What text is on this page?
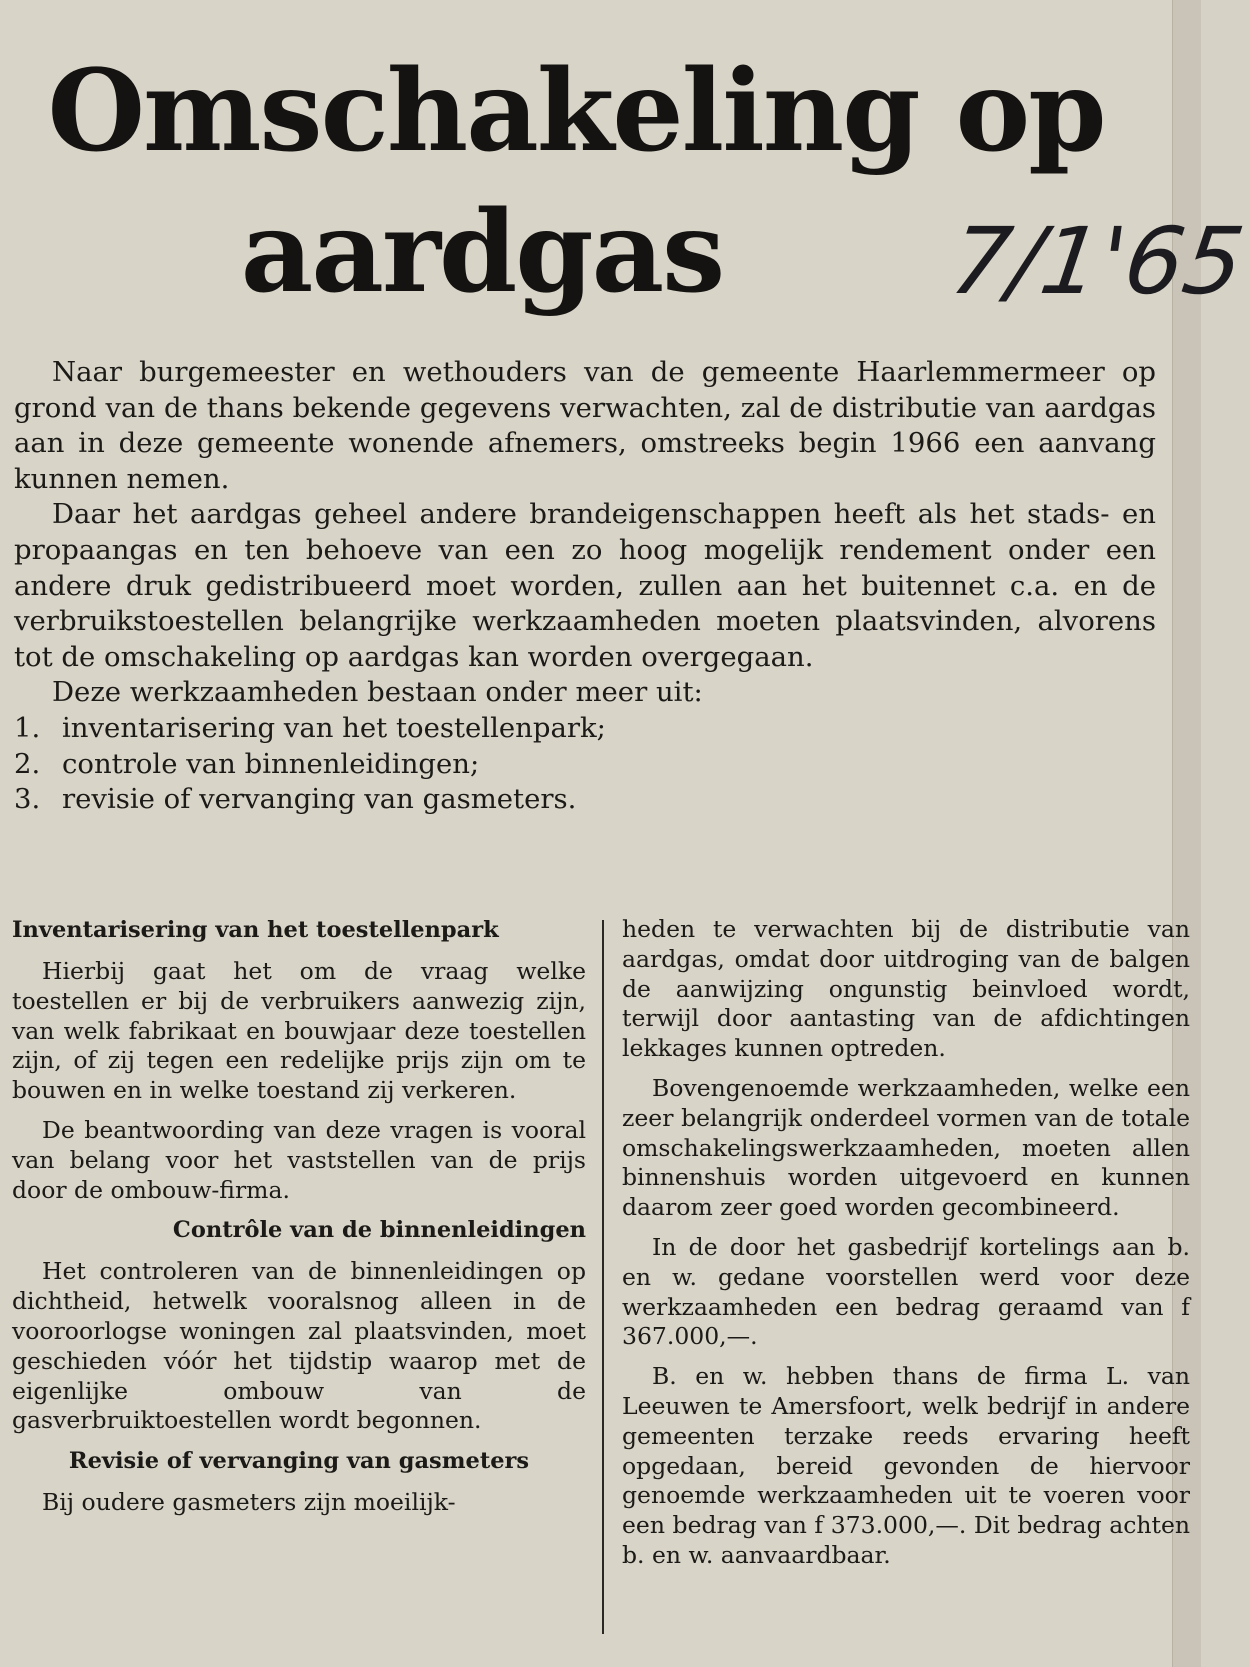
Omschakeling op
aardgas	7/1'65

Naar burgemeester en wethouders van de gemeente Haarlemmermeer op grond van de thans bekende gegevens verwachten, zal de distributie van aardgas aan in deze gemeente wonende afnemers, omstreeks begin 1966 een aanvang kunnen nemen.

Daar het aardgas geheel andere brandeigenschappen heeft als het stads- en propaangas en ten behoeve van een zo hoog mogelijk rendement onder een andere druk gedistribueerd moet worden, zullen aan het buitennet c.a. en de verbruikstoestellen belangrijke werkzaamheden moeten plaatsvinden, alvorens tot de omschakeling op aardgas kan worden overgegaan.

Deze werkzaamheden bestaan onder meer uit:

1. inventarisering van het toestellenpark;
2. controle van binnenleidingen;
3. revisie of vervanging van gasmeters.
Inventarisering van het toestellenpark

Hierbij gaat het om de vraag welke toestellen er bij de verbruikers aanwezig zijn, van welk fabrikaat en bouwjaar deze toestellen zijn, of zij tegen een redelijke prijs zijn om te bouwen en in welke toestand zij verkeren.

De beantwoording van deze vragen is vooral van belang voor het vaststellen van de prijs door de ombouw-firma.

Contrôle van de binnenleidingen

Het controleren van de binnenleidingen op dichtheid, hetwelk vooralsnog alleen in de vooroorlogse woningen zal plaatsvinden, moet geschieden vóór het tijdstip waarop met de eigenlijke ombouw van de gasverbruiktoestellen wordt begonnen.

Revisie of vervanging van gasmeters

Bij oudere gasmeters zijn moeilijk-

heden te verwachten bij de distributie van aardgas, omdat door uitdroging van de balgen de aanwijzing ongunstig beinvloed wordt, terwijl door aantasting van de afdichtingen lekkages kunnen optreden.

Bovengenoemde werkzaamheden, welke een zeer belangrijk onderdeel vormen van de totale omschakelingswerkzaamheden, moeten allen binnenshuis worden uitgevoerd en kunnen daarom zeer goed worden gecombineerd.

In de door het gasbedrijf kortelings aan b. en w. gedane voorstellen werd voor deze werkzaamheden een bedrag geraamd van f 367.000,—.

B. en w. hebben thans de firma L. van Leeuwen te Amersfoort, welk bedrijf in andere gemeenten terzake reeds ervaring heeft opgedaan, bereid gevonden de hiervoor genoemde werkzaamheden uit te voeren voor een bedrag van f 373.000,—. Dit bedrag achten b. en w. aanvaardbaar.
